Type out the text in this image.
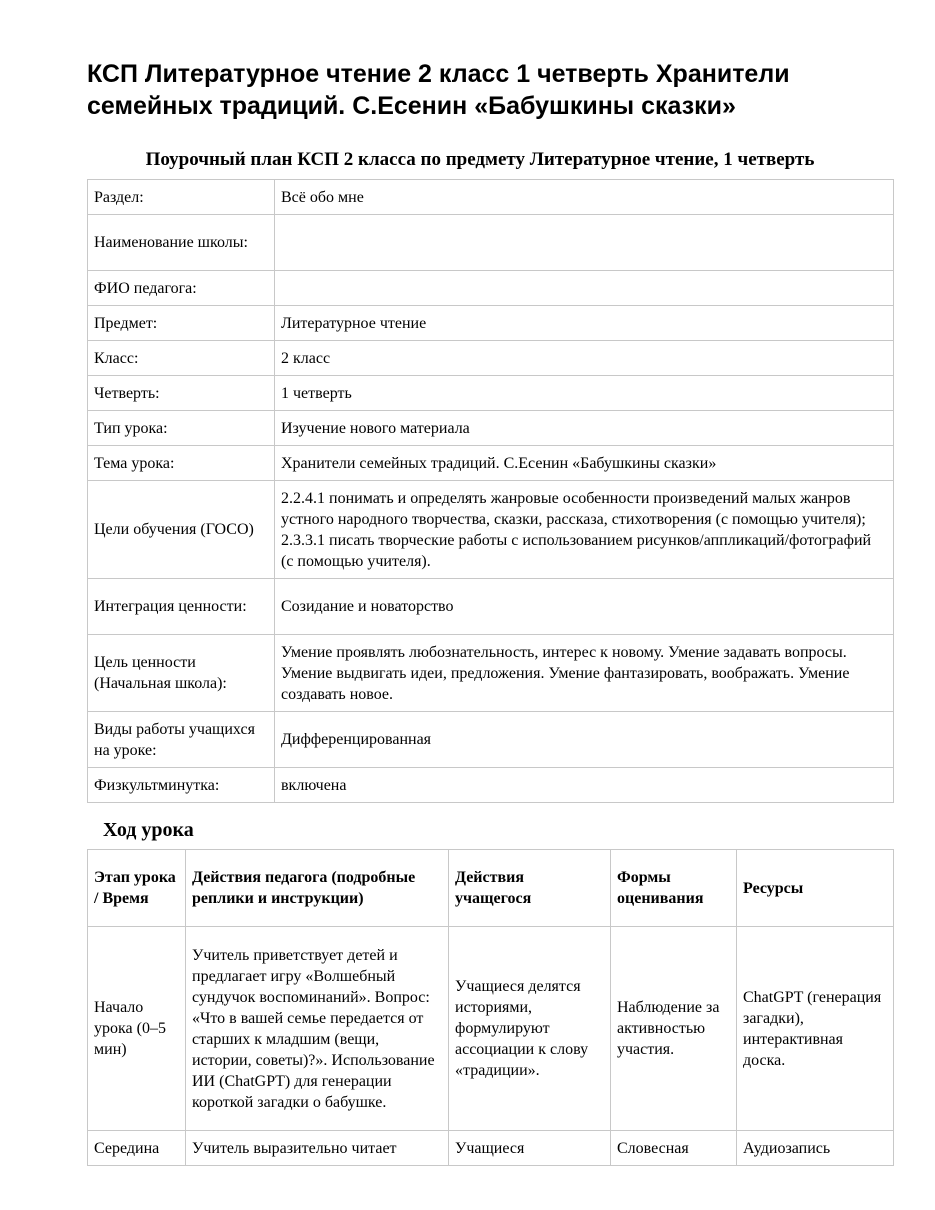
КСП Литературное чтение 2 класс 1 четверть Хранители семейных традиций. С.Есенин «Бабушкины сказки»
Поурочный план КСП 2 класса по предмету Литературное чтение, 1 четверть
Раздел:	Всё обо мне
Наименование школы:	
ФИО педагога:	
Предмет:	Литературное чтение
Класс:	2 класс
Четверть:	1 четверть
Тип урока:	Изучение нового материала
Тема урока:	Хранители семейных традиций. С.Есенин «Бабушкины сказки»
Цели обучения (ГОСО)	2.2.4.1 понимать и определять жанровые особенности произведений малых жанров устного народного творчества, сказки, рассказа, стихотворения (с помощью учителя); 2.3.3.1 писать творческие работы с использованием рисунков/аппликаций/фотографий (с помощью учителя).
Интеграция ценности:	Созидание и новаторство
Цель ценности (Начальная школа):	Умение проявлять любознательность, интерес к новому. Умение задавать вопросы. Умение выдвигать идеи, предложения. Умение фантазировать, воображать. Умение создавать новое.
Виды работы учащихся на уроке:	Дифференцированная
Физкультминутка:	включена
Ход урока
Этап урока / Время	Действия педагога (подробные реплики и инструкции)	Действия учащегося	Формы оценивания	Ресурсы
Начало урока (0–5 мин)	Учитель приветствует детей и предлагает игру «Волшебный сундучок воспоминаний». Вопрос: «Что в вашей семье передается от старших к младшим (вещи, истории, советы)?». Использование ИИ (ChatGPT) для генерации короткой загадки о бабушке.	Учащиеся делятся историями, формулируют ассоциации к слову «традиции».	Наблюдение за активностью участия.	ChatGPT (генерация загадки), интерактивная доска.
Середина	Учитель выразительно читает	Учащиеся	Словесная	Аудиозапись
